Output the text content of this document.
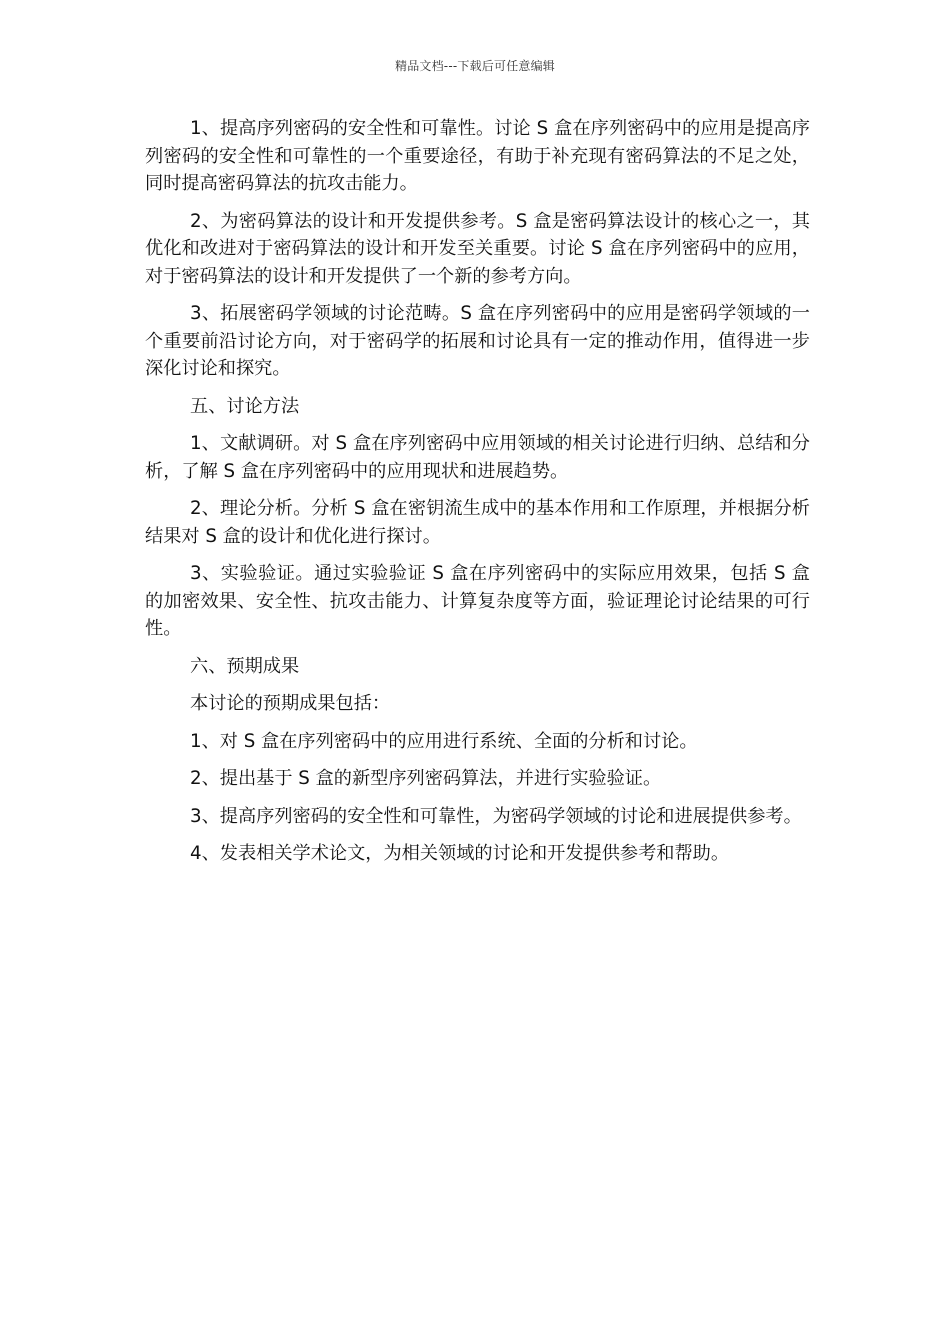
精品文档---下载后可任意编辑

1、提高序列密码的安全性和可靠性。讨论 S 盒在序列密码中的应用是提高序列密码的安全性和可靠性的一个重要途径，有助于补充现有密码算法的不足之处，同时提高密码算法的抗攻击能力。

2、为密码算法的设计和开发提供参考。S 盒是密码算法设计的核心之一，其优化和改进对于密码算法的设计和开发至关重要。讨论 S 盒在序列密码中的应用，对于密码算法的设计和开发提供了一个新的参考方向。

3、拓展密码学领域的讨论范畴。S 盒在序列密码中的应用是密码学领域的一个重要前沿讨论方向，对于密码学的拓展和讨论具有一定的推动作用，值得进一步深化讨论和探究。

五、讨论方法

1、文献调研。对 S 盒在序列密码中应用领域的相关讨论进行归纳、总结和分析，了解 S 盒在序列密码中的应用现状和进展趋势。

2、理论分析。分析 S 盒在密钥流生成中的基本作用和工作原理，并根据分析结果对 S 盒的设计和优化进行探讨。

3、实验验证。通过实验验证 S 盒在序列密码中的实际应用效果，包括 S 盒的加密效果、安全性、抗攻击能力、计算复杂度等方面，验证理论讨论结果的可行性。

六、预期成果

本讨论的预期成果包括：

1、对 S 盒在序列密码中的应用进行系统、全面的分析和讨论。

2、提出基于 S 盒的新型序列密码算法，并进行实验验证。

3、提高序列密码的安全性和可靠性，为密码学领域的讨论和进展提供参考。

4、发表相关学术论文，为相关领域的讨论和开发提供参考和帮助。
